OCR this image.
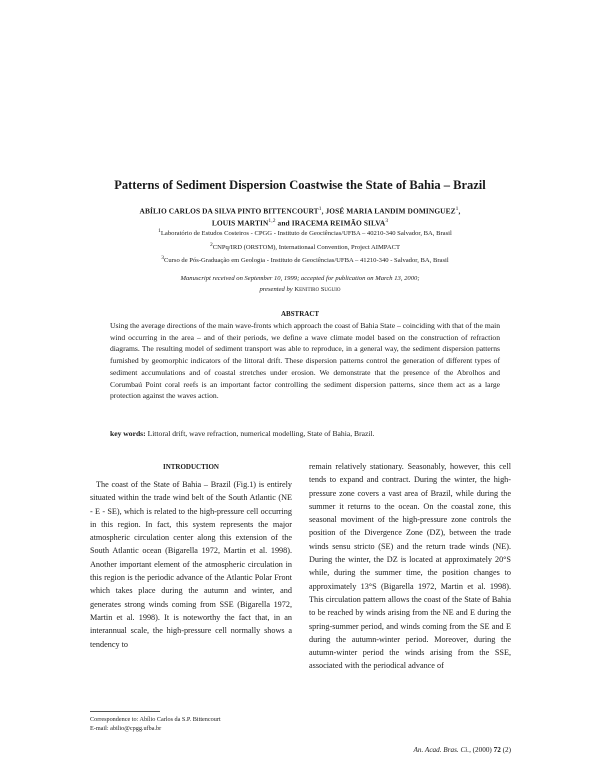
Patterns of Sediment Dispersion Coastwise the State of Bahia – Brazil
ABÍLIO CARLOS DA SILVA PINTO BITTENCOURT$^1$, JOSÉ MARIA LANDIM DOMINGUEZ$^1$,
LOUIS MARTIN$^{1,2}$ and IRACEMA REIMÃO SILVA$^3$
$^1$Laboratório de Estudos Costeiros - CPGG - Instituto de Geociências/UFBA – 40210-340 Salvador, BA, Brasil
$^2$CNPq/IRD (ORSTOM), Internationaal Convention, Project AIMPACT
$^3$Curso de Pós-Graduação em Geologia - Instituto de Geociências/UFBA – 41210-340 - Salvador, BA, Brasil
Manuscript received on September 10, 1999; accepted for publication on March 13, 2000;
presented by Kenitiro Suguio
ABSTRACT
Using the average directions of the main wave-fronts which approach the coast of Bahia State – coinciding with that of the main wind occurring in the area – and of their periods, we define a wave climate model based on the construction of refraction diagrams. The resulting model of sediment transport was able to reproduce, in a general way, the sediment dispersion patterns furnished by geomorphic indicators of the littoral drift. These dispersion patterns control the generation of different types of sediment accumulations and of coastal stretches under erosion. We demonstrate that the presence of the Abrolhos and Corumbaú Point coral reefs is an important factor controlling the sediment dispersion patterns, since them act as a large protection against the waves action.
key words: Littoral drift, wave refraction, numerical modelling, State of Bahia, Brazil.
INTRODUCTION
The coast of the State of Bahia – Brazil (Fig.1) is entirely situated within the trade wind belt of the South Atlantic (NE - E - SE), which is related to the high-pressure cell occurring in this region. In fact, this system represents the major atmospheric circulation center along this extension of the South Atlantic ocean (Bigarella 1972, Martin et al. 1998). Another important element of the atmospheric circulation in this region is the periodic advance of the Atlantic Polar Front which takes place during the autumn and winter, and generates strong winds coming from SSE (Bigarella 1972, Martin et al. 1998). It is noteworthy the fact that, in an interannual scale, the high-pressure cell normally shows a tendency to
remain relatively stationary. Seasonably, however, this cell tends to expand and contract. During the winter, the high-pressure zone covers a vast area of Brazil, while during the summer it returns to the ocean. On the coastal zone, this seasonal moviment of the high-pressure zone controls the position of the Divergence Zone (DZ), between the trade winds sensu stricto (SE) and the return trade winds (NE). During the winter, the DZ is located at approximately 20°S while, during the summer time, the position changes to approximately 13°S (Bigarella 1972, Martin et al. 1998). This circulation pattern allows the coast of the State of Bahia to be reached by winds arising from the NE and E during the spring-summer period, and winds coming from the SE and E during the autumn-winter period. Moreover, during the autumn-winter period the winds arising from the SSE, associated with the periodical advance of
Correspondence to: Abílio Carlos da S.P. Bittencourt
E-mail: abilio@cpgg.ufba.br
An. Acad. Bras. Ci., (2000) 72 (2)
